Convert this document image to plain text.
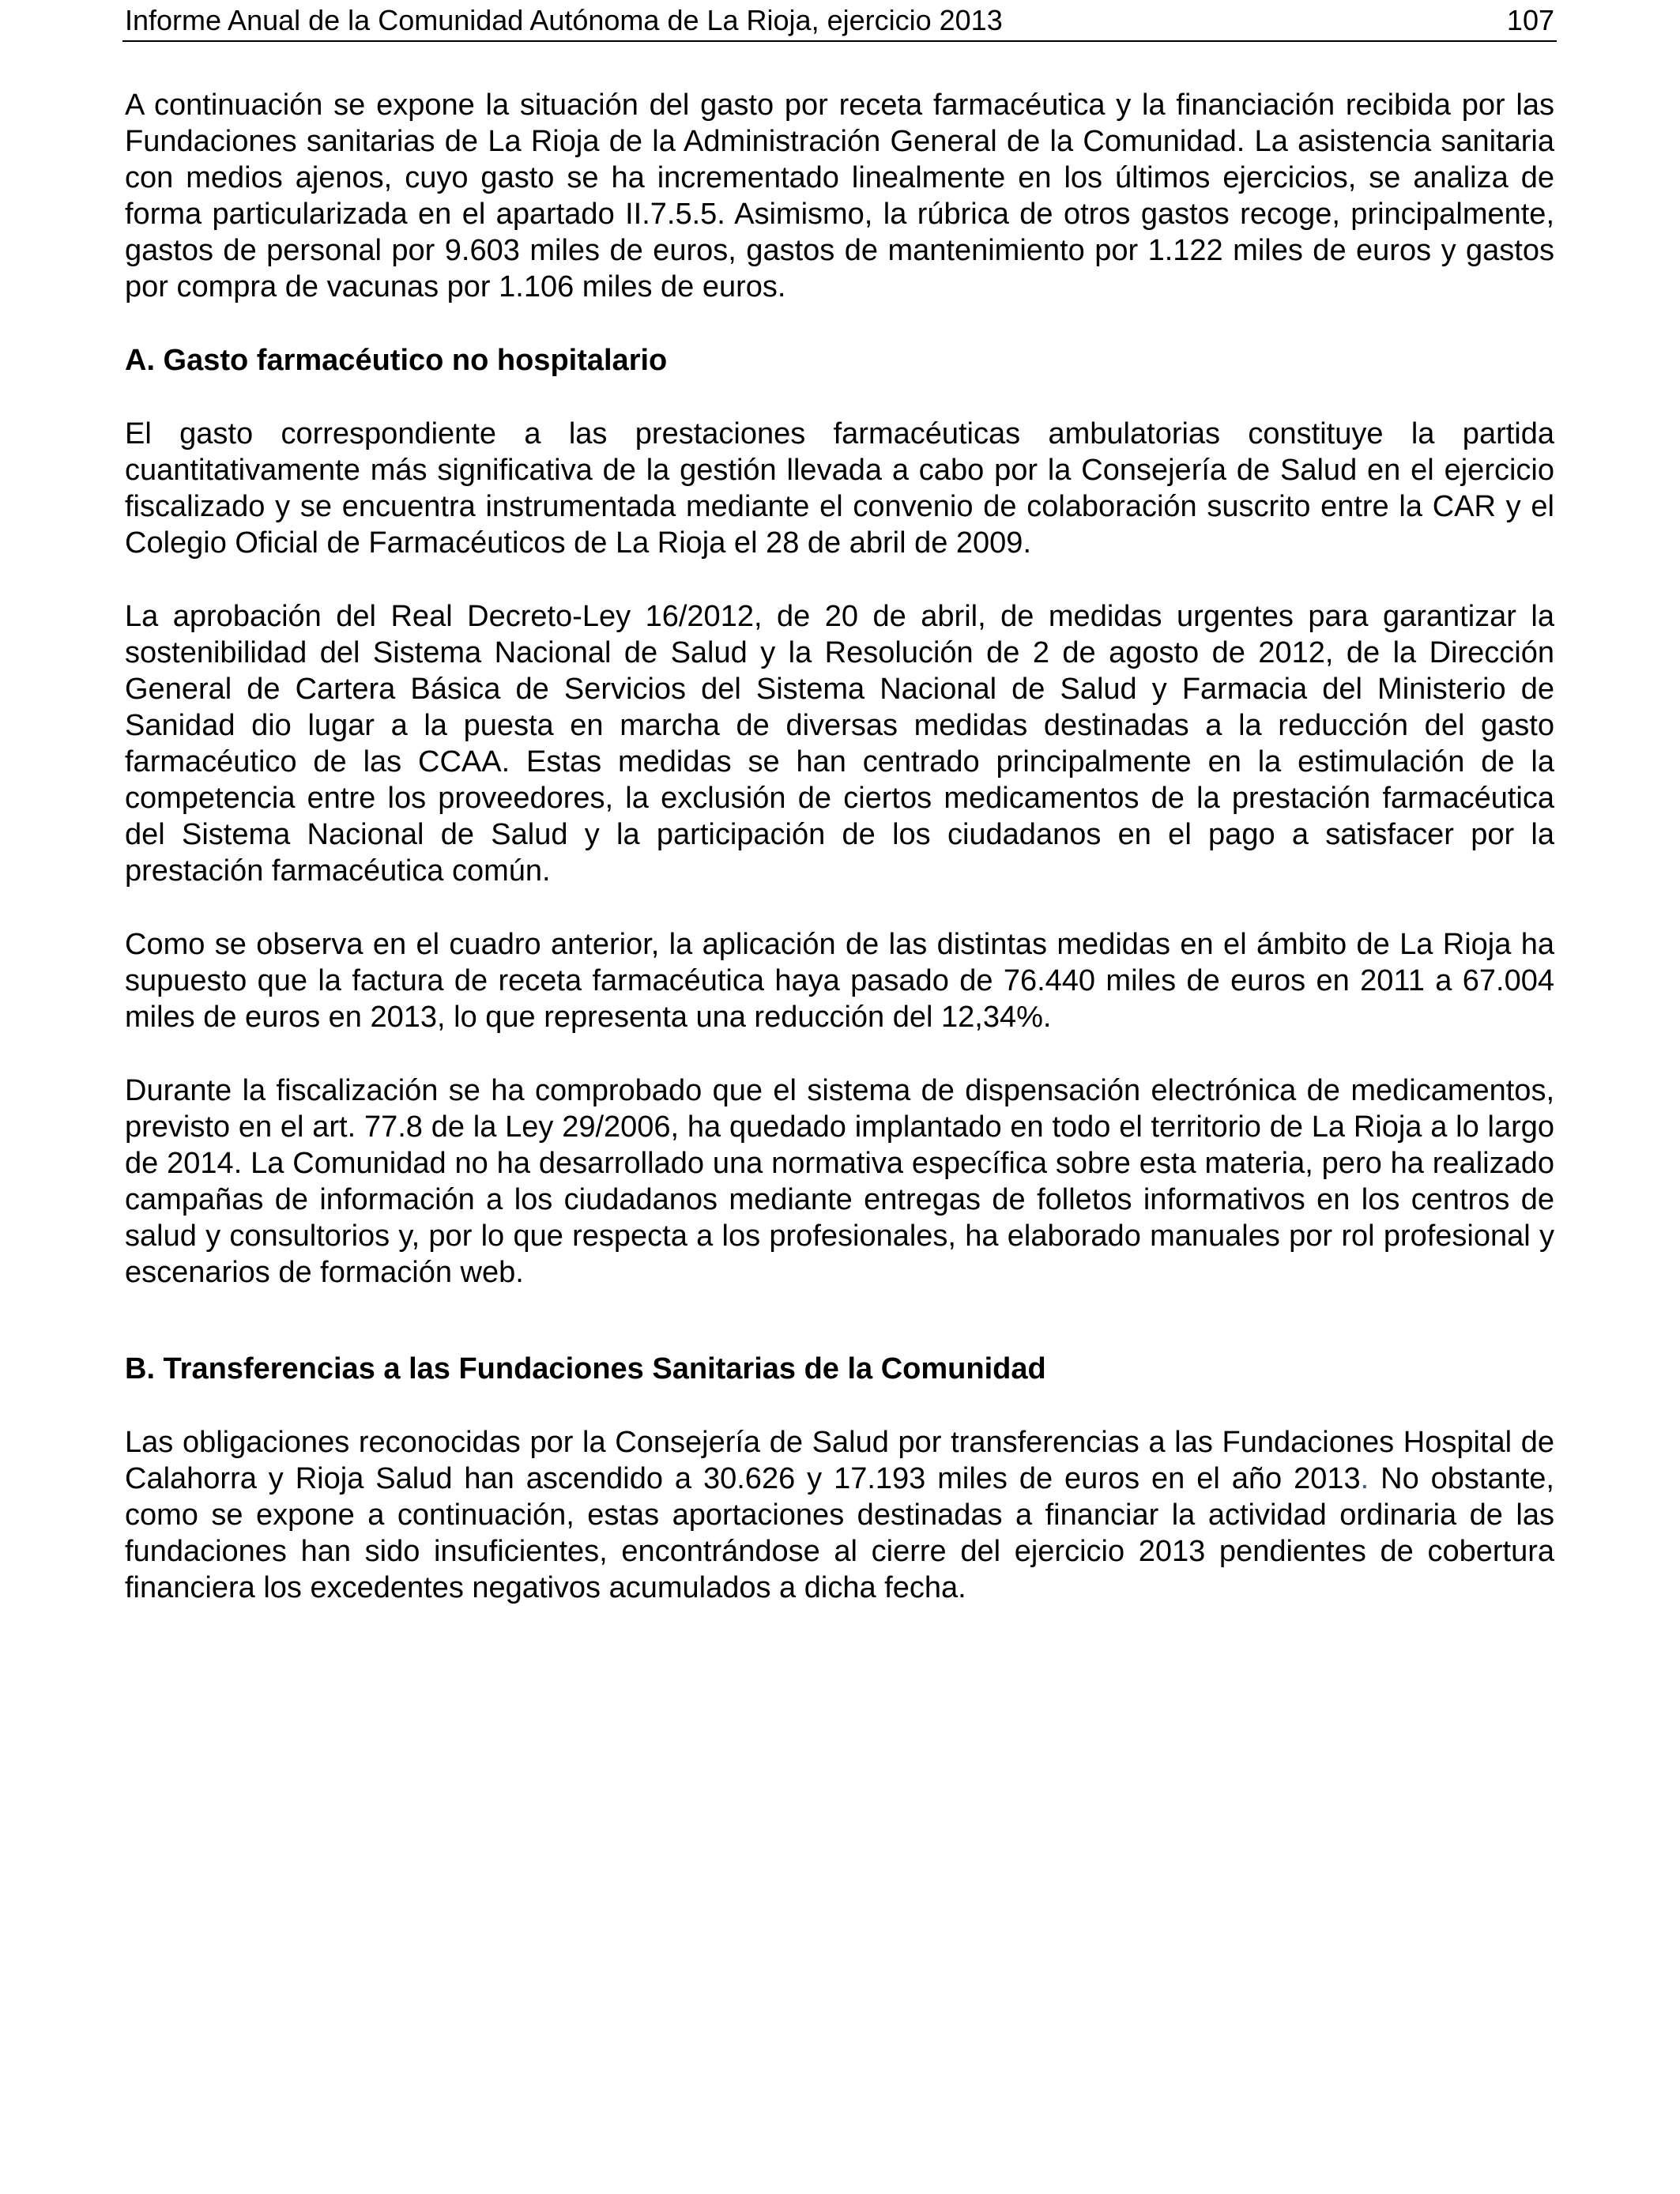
Informe Anual de la Comunidad Autónoma de La Rioja, ejercicio 2013	107

A continuación se expone la situación del gasto por receta farmacéutica y la financiación recibida por las Fundaciones sanitarias de La Rioja de la Administración General de la Comunidad. La asistencia sanitaria con medios ajenos, cuyo gasto se ha incrementado linealmente en los últimos ejercicios, se analiza de forma particularizada en el apartado II.7.5.5. Asimismo, la rúbrica de otros gastos recoge, principalmente, gastos de personal por 9.603 miles de euros, gastos de mantenimiento por 1.122 miles de euros y gastos por compra de vacunas por 1.106 miles de euros.

A. Gasto farmacéutico no hospitalario

El gasto correspondiente a las prestaciones farmacéuticas ambulatorias constituye la partida cuantitativamente más significativa de la gestión llevada a cabo por la Consejería de Salud en el ejercicio fiscalizado y se encuentra instrumentada mediante el convenio de colaboración suscrito entre la CAR y el Colegio Oficial de Farmacéuticos de La Rioja el 28 de abril de 2009.

La aprobación del Real Decreto-Ley 16/2012, de 20 de abril, de medidas urgentes para garantizar la sostenibilidad del Sistema Nacional de Salud y la Resolución de 2 de agosto de 2012, de la Dirección General de Cartera Básica de Servicios del Sistema Nacional de Salud y Farmacia del Ministerio de Sanidad dio lugar a la puesta en marcha de diversas medidas destinadas a la reducción del gasto farmacéutico de las CCAA. Estas medidas se han centrado principalmente en la estimulación de la competencia entre los proveedores, la exclusión de ciertos medicamentos de la prestación farmacéutica del Sistema Nacional de Salud y la participación de los ciudadanos en el pago a satisfacer por la prestación farmacéutica común.

Como se observa en el cuadro anterior, la aplicación de las distintas medidas en el ámbito de La Rioja ha supuesto que la factura de receta farmacéutica haya pasado de 76.440 miles de euros en 2011 a 67.004 miles de euros en 2013, lo que representa una reducción del 12,34%.

Durante la fiscalización se ha comprobado que el sistema de dispensación electrónica de medicamentos, previsto en el art. 77.8 de la Ley 29/2006, ha quedado implantado en todo el territorio de La Rioja a lo largo de 2014. La Comunidad no ha desarrollado una normativa específica sobre esta materia, pero ha realizado campañas de información a los ciudadanos mediante entregas de folletos informativos en los centros de salud y consultorios y, por lo que respecta a los profesionales, ha elaborado manuales por rol profesional y escenarios de formación web.

B. Transferencias a las Fundaciones Sanitarias de la Comunidad

Las obligaciones reconocidas por la Consejería de Salud por transferencias a las Fundaciones Hospital de Calahorra y Rioja Salud han ascendido a 30.626 y 17.193 miles de euros en el año 2013. No obstante, como se expone a continuación, estas aportaciones destinadas a financiar la actividad ordinaria de las fundaciones han sido insuficientes, encontrándose al cierre del ejercicio 2013 pendientes de cobertura financiera los excedentes negativos acumulados a dicha fecha.
